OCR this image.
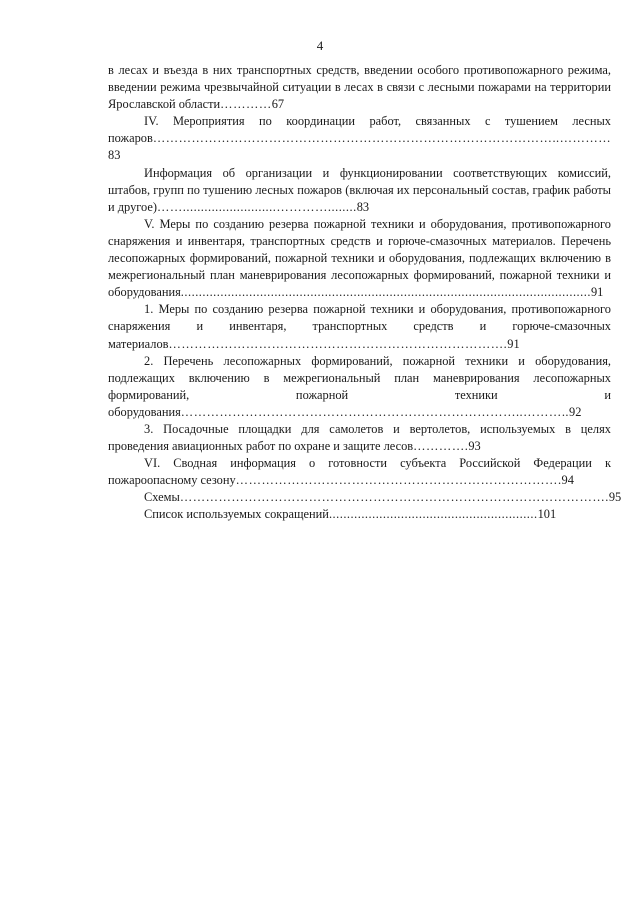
4

в лесах и въезда в них транспортных средств, введении особого противопожарного режима, введении режима чрезвычайной ситуации в лесах в связи с лесными пожарами на территории Ярославской области…………67

IV. Мероприятия по координации работ, связанных с тушением лесных пожаров…………………………………………………………………………………..…………83

Информация об организации и функционировании соответствующих комиссий, штабов, групп по тушению лесных пожаров (включая их персональный состав, график работы и другое)……..........................…………........83

V. Меры по созданию резерва пожарной техники и оборудования, противопожарного снаряжения и инвентаря, транспортных средств и горюче-смазочных материалов. Перечень лесопожарных формирований, пожарной техники и оборудования, подлежащих включению в межрегиональный план маневрирования лесопожарных формирований, пожарной техники и оборудования..................................................................................................................91

1. Меры по созданию резерва пожарной техники и оборудования, противопожарного снаряжения и инвентаря, транспортных средств и горюче-смазочных материалов…………………………………………………………………….91

2. Перечень лесопожарных формирований, пожарной техники и оборудования, подлежащих включению в межрегиональный план маневрирования лесопожарных формирований, пожарной техники и оборудования……………………………………………………………………..………..92

3. Посадочные площадки для самолетов и вертолетов, используемых в целях проведения авиационных работ по охране и защите лесов………….93

VI. Сводная информация о готовности субъекта Российской Федерации к пожароопасному сезону………………………………………………………………….94

Схемы……………………………………………………………………………………….95

Список используемых сокращений..........................................................101
